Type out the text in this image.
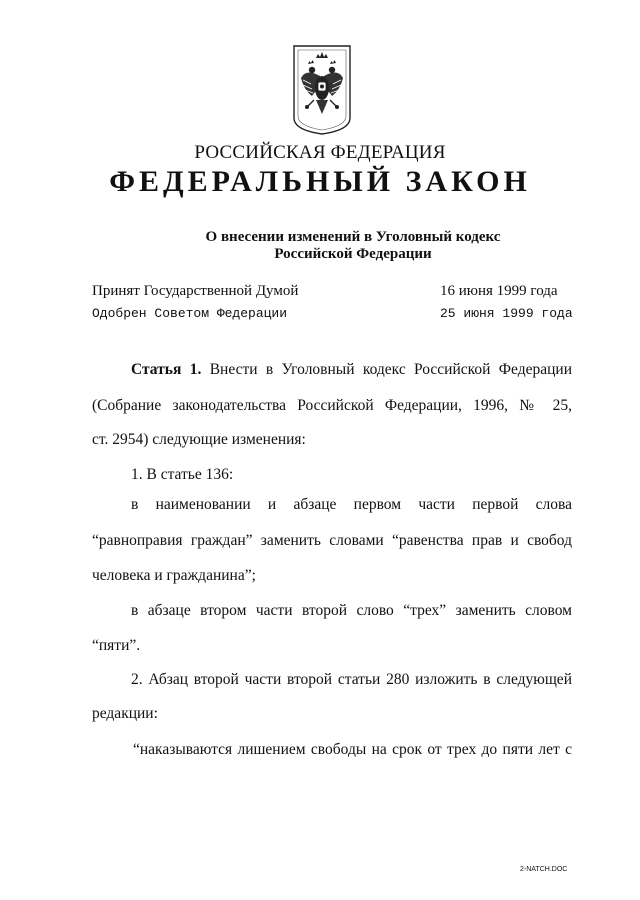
РОССИЙСКАЯ ФЕДЕРАЦИЯ
ФЕДЕРАЛЬНЫЙ ЗАКОН
О внесении изменений в Уголовный кодекс
Российской Федерации
Принят Государственной Думой	16 июня 1999 года
Одобрен Советом Федерации	25 июня 1999 года
Статья 1. Внести в Уголовный кодекс Российской Федерации
(Собрание законодательства Российской Федерации, 1996, № 25,
ст. 2954) следующие изменения:
1. В статье 136:
в наименовании и абзаце первом части первой слова
“равноправия граждан” заменить словами “равенства прав и свобод
человека и гражданина”;
в абзаце втором части второй слово “трех” заменить словом
“пяти”.
2. Абзац второй части второй статьи 280 изложить в следующей
редакции:
“наказываются лишением свободы на срок от трех до пяти лет с
2-NATCH.DOC
